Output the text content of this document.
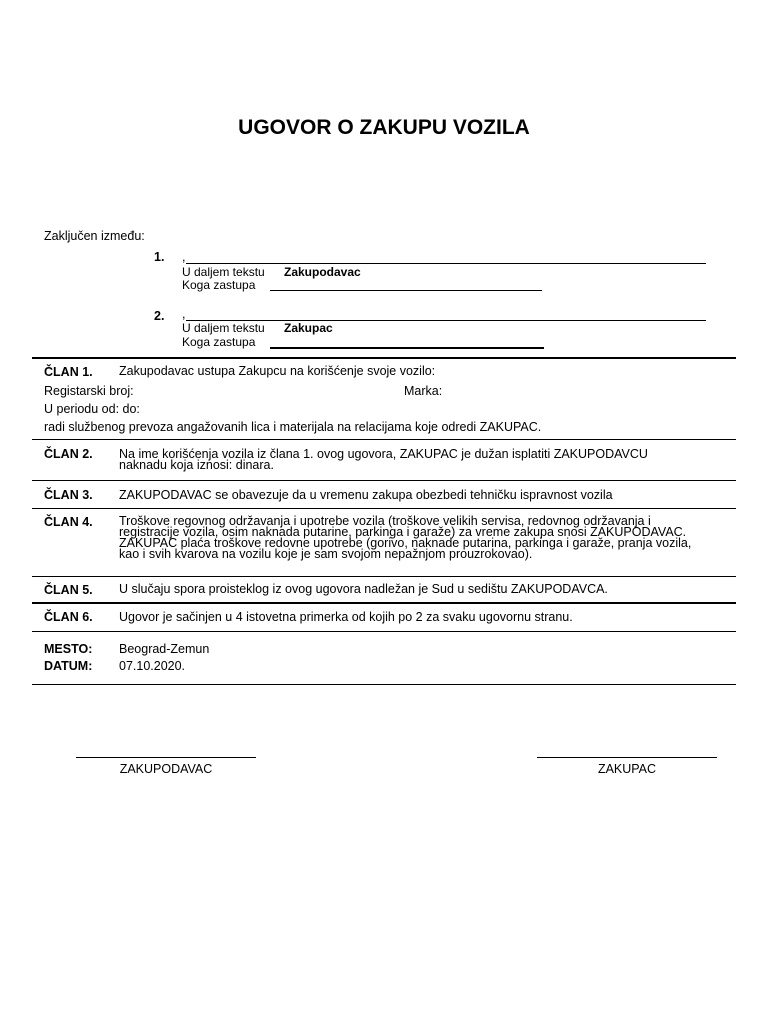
UGOVOR O ZAKUPU VOZILA
Zaključen između:
1. ,
U daljem tekstu Zakupodavac
Koga zastupa
2. ,
U daljem tekstu Zakupac
Koga zastupa
ČLAN 1. Zakupodavac ustupa Zakupcu na korišćenje svoje vozilo:
Registarski broj:	Marka:
U periodu od: do:
radi službenog prevoza angažovanih lica i materijala na relacijama koje odredi ZAKUPAC.
ČLAN 2. Na ime korišćenja vozila iz člana 1. ovog ugovora, ZAKUPAC je dužan isplatiti ZAKUPODAVCU
naknadu koja iznosi: dinara.
ČLAN 3. ZAKUPODAVAC se obavezuje da u vremenu zakupa obezbedi tehničku ispravnost vozila
ČLAN 4. Troškove regovnog održavanja i upotrebe vozila (troškove velikih servisa, redovnog održavanja i
registracije vozila, osim naknada putarine, parkinga i garaže) za vreme zakupa snosi ZAKUPODAVAC.
ZAKUPAC plaća troškove redovne upotrebe (gorivo, naknade putarina, parkinga i garaže, pranja vozila,
kao i svih kvarova na vozilu koje je sam svojom nepažnjom prouzrokovao).
ČLAN 5. U slučaju spora proisteklog iz ovog ugovora nadležan je Sud u sedištu ZAKUPODAVCA.
ČLAN 6. Ugovor je sačinjen u 4 istovetna primerka od kojih po 2 za svaku ugovornu stranu.
MESTO: Beograd-Zemun
DATUM: 07.10.2020.
ZAKUPODAVAC	ZAKUPAC
